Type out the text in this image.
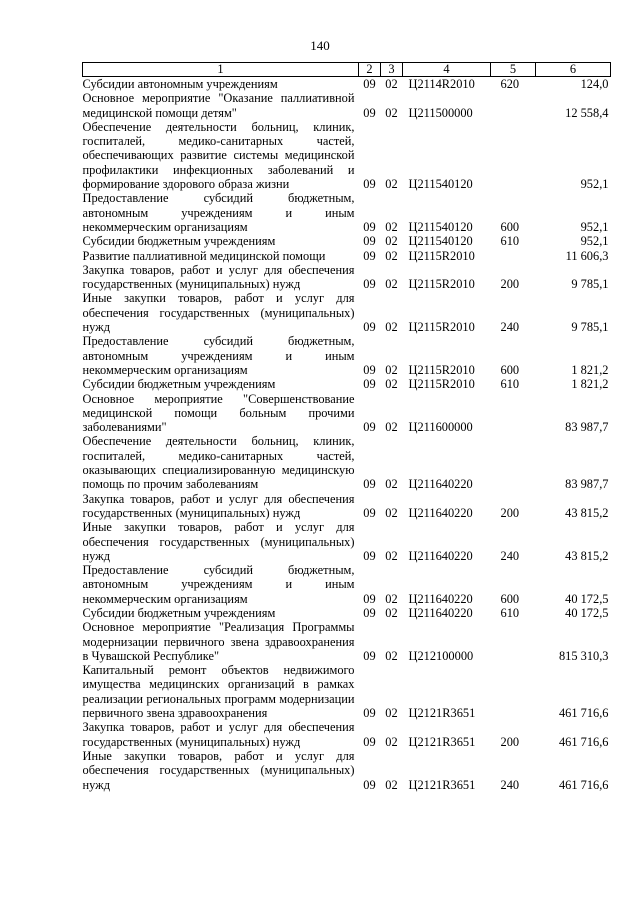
140
1	2	3	4	5	6
Субсидии автономным учреждениям	09	02	Ц2114R2010	620	124,0
Основное мероприятие "Оказание паллиативной медицинской помощи детям"	09	02	Ц211500000		12 558,4
Обеспечение деятельности больниц, клиник, госпиталей, медико-санитарных частей, обеспечивающих развитие системы медицинской профилактики инфекционных заболеваний и формирование здорового образа жизни	09	02	Ц211540120		952,1
Предоставление субсидий бюджетным, автономным учреждениям и иным некоммерческим организациям	09	02	Ц211540120	600	952,1
Субсидии бюджетным учреждениям	09	02	Ц211540120	610	952,1
Развитие паллиативной медицинской помощи	09	02	Ц2115R2010		11 606,3
Закупка товаров, работ и услуг для обеспечения государственных (муниципальных) нужд	09	02	Ц2115R2010	200	9 785,1
Иные закупки товаров, работ и услуг для обеспечения государственных (муниципальных) нужд	09	02	Ц2115R2010	240	9 785,1
Предоставление субсидий бюджетным, автономным учреждениям и иным некоммерческим организациям	09	02	Ц2115R2010	600	1 821,2
Субсидии бюджетным учреждениям	09	02	Ц2115R2010	610	1 821,2
Основное мероприятие "Совершенствование медицинской помощи больным прочими заболеваниями"	09	02	Ц211600000		83 987,7
Обеспечение деятельности больниц, клиник, госпиталей, медико-санитарных частей, оказывающих специализированную медицинскую помощь по прочим заболеваниям	09	02	Ц211640220		83 987,7
Закупка товаров, работ и услуг для обеспечения государственных (муниципальных) нужд	09	02	Ц211640220	200	43 815,2
Иные закупки товаров, работ и услуг для обеспечения государственных (муниципальных) нужд	09	02	Ц211640220	240	43 815,2
Предоставление субсидий бюджетным, автономным учреждениям и иным некоммерческим организациям	09	02	Ц211640220	600	40 172,5
Субсидии бюджетным учреждениям	09	02	Ц211640220	610	40 172,5
Основное мероприятие "Реализация Программы модернизации первичного звена здравоохранения в Чувашской Республике"	09	02	Ц212100000		815 310,3
Капитальный ремонт объектов недвижимого имущества медицинских организаций в рамках реализации региональных программ модернизации первичного звена здравоохранения	09	02	Ц2121R3651		461 716,6
Закупка товаров, работ и услуг для обеспечения государственных (муниципальных) нужд	09	02	Ц2121R3651	200	461 716,6
Иные закупки товаров, работ и услуг для обеспечения государственных (муниципальных) нужд	09	02	Ц2121R3651	240	461 716,6
